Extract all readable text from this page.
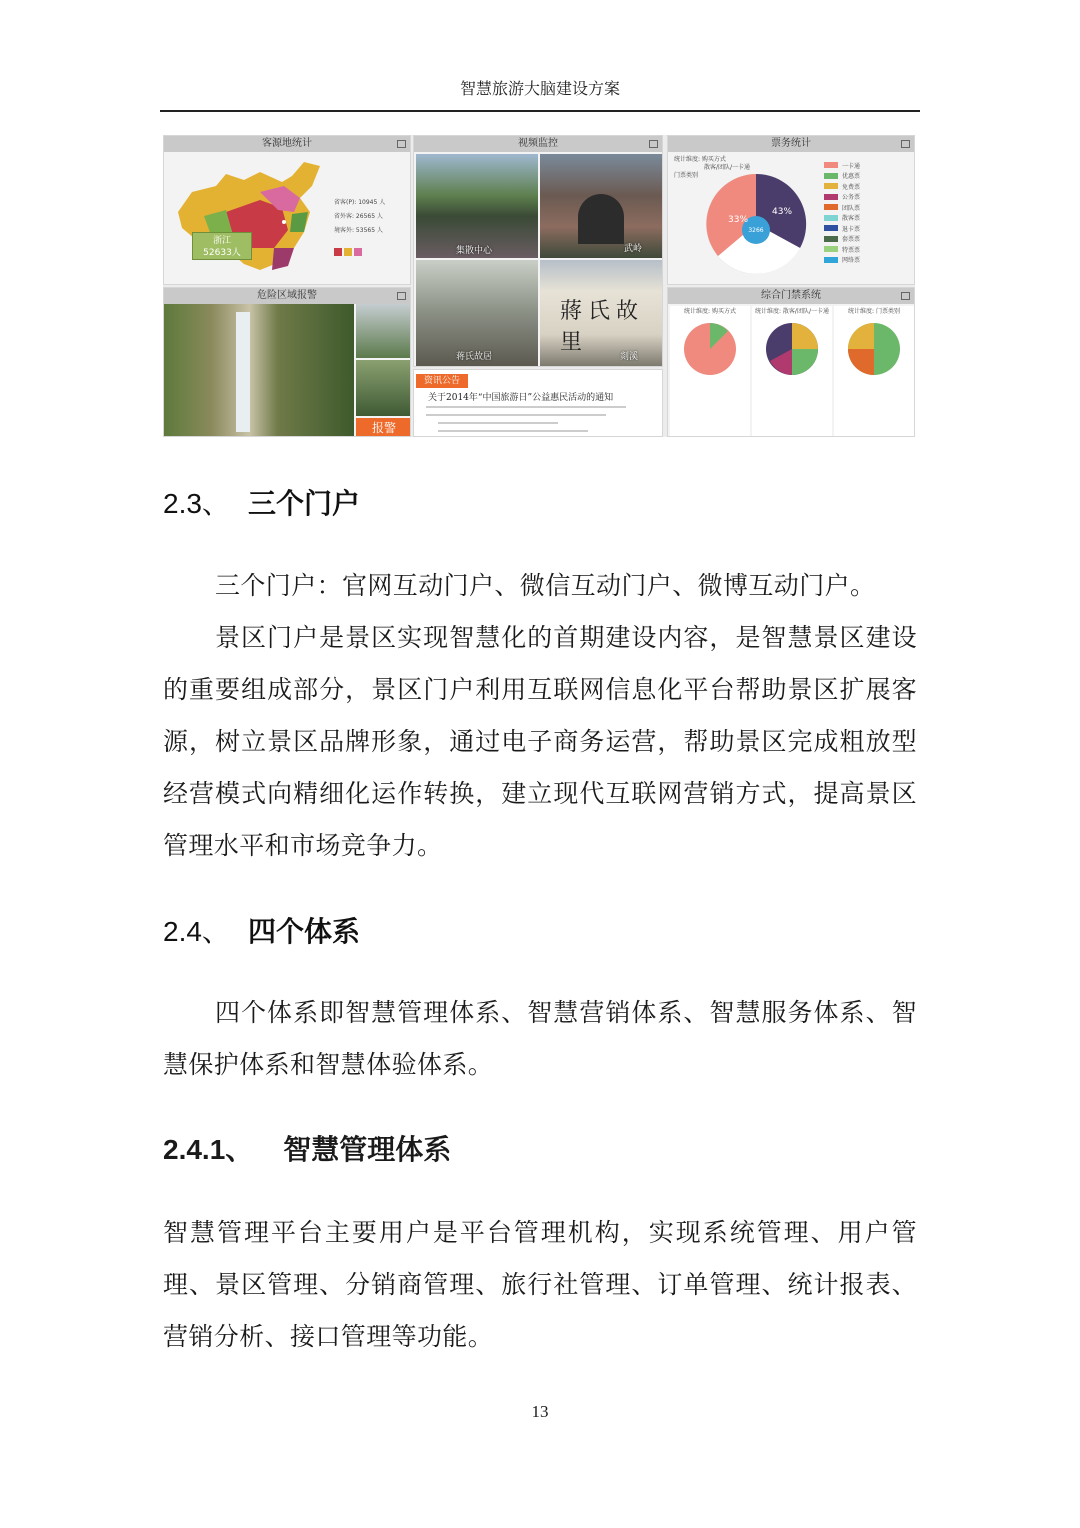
智慧旅游大脑建设方案
客源地统计
省客(P): 10945 人
省外客: 26565 人
境客外: 53565 人
浙江
52633人
视频监控
集散中心	武岭
蒋氏故居
蔣氏故里
剡溪
票务统计
统计维度: 购买方式
散客/团队/一卡通
门票类别
3266
33%
43%
一卡通
优惠票
免费票
公务票
团队票
散客票
退卡票
套票票
特票票
网络票
危险区域报警
报警
资讯公告
关于2014年“中国旅游日”公益惠民活动的通知
综合门禁系统
统计维度: 购买方式	统计维度: 散客/团队/一卡通	统计维度: 门票类别
2.3、 三个门户
三个门户：官网互动门户、微信互动门户、微博互动门户。
景区门户是景区实现智慧化的首期建设内容，是智慧景区建设的重要组成部分，景区门户利用互联网信息化平台帮助景区扩展客源，树立景区品牌形象，通过电子商务运营，帮助景区完成粗放型经营模式向精细化运作转换，建立现代互联网营销方式，提高景区管理水平和市场竞争力。
2.4、 四个体系
四个体系即智慧管理体系、智慧营销体系、智慧服务体系、智慧保护体系和智慧体验体系。
2.4.1、 智慧管理体系
智慧管理平台主要用户是平台管理机构，实现系统管理、用户管理、景区管理、分销商管理、旅行社管理、订单管理、统计报表、营销分析、接口管理等功能。
13
